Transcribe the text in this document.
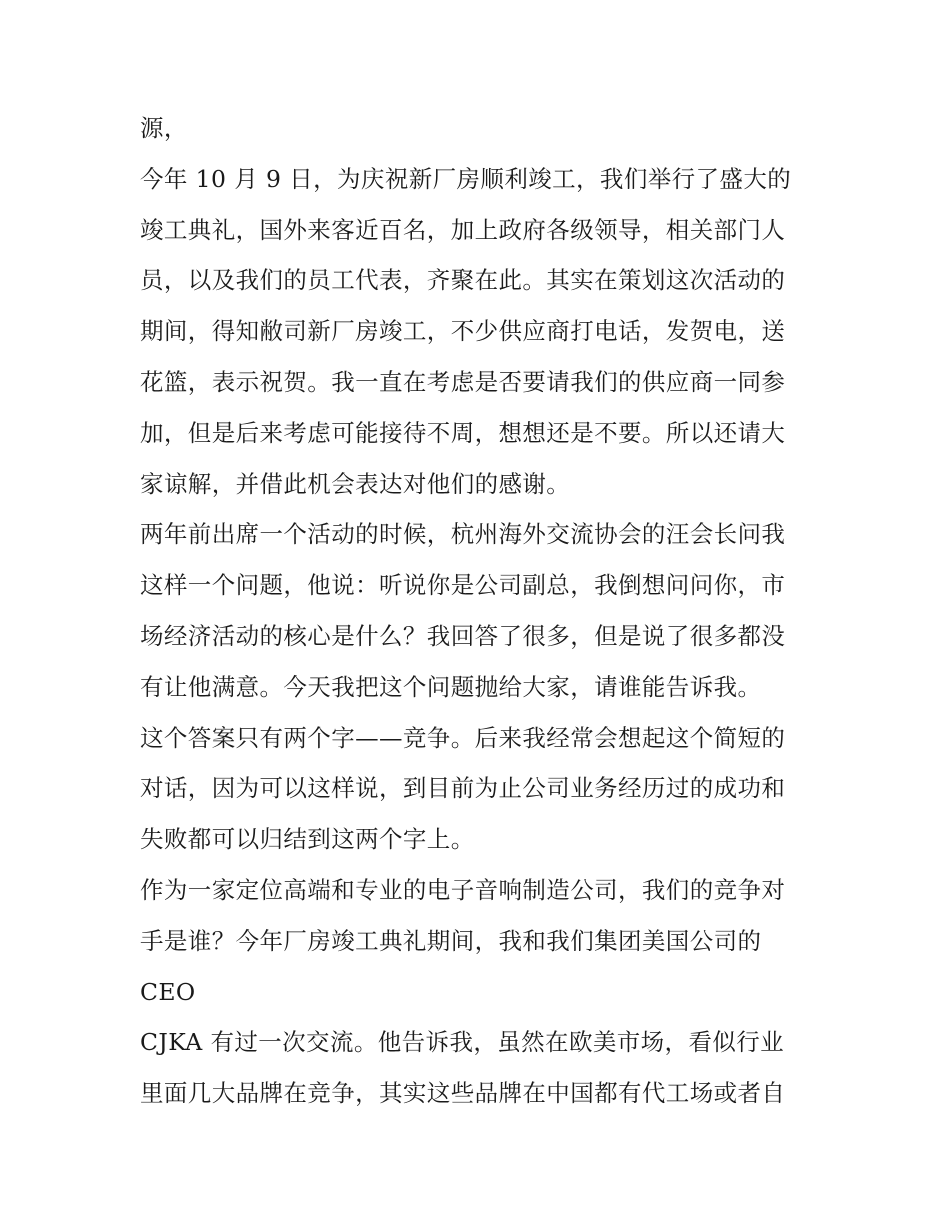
源，
今年 10 月 9 日，为庆祝新厂房顺利竣工，我们举行了盛大的
竣工典礼，国外来客近百名，加上政府各级领导，相关部门人
员，以及我们的员工代表，齐聚在此。其实在策划这次活动的
期间，得知敝司新厂房竣工，不少供应商打电话，发贺电，送
花篮，表示祝贺。我一直在考虑是否要请我们的供应商一同参
加，但是后来考虑可能接待不周，想想还是不要。所以还请大
家谅解，并借此机会表达对他们的感谢。
两年前出席一个活动的时候，杭州海外交流协会的汪会长问我
这样一个问题，他说：听说你是公司副总，我倒想问问你，市
场经济活动的核心是什么？我回答了很多，但是说了很多都没
有让他满意。今天我把这个问题抛给大家，请谁能告诉我。
这个答案只有两个字——竞争。后来我经常会想起这个简短的
对话，因为可以这样说，到目前为止公司业务经历过的成功和
失败都可以归结到这两个字上。
作为一家定位高端和专业的电子音响制造公司，我们的竞争对
手是谁？今年厂房竣工典礼期间，我和我们集团美国公司的
CEO
CJKA 有过一次交流。他告诉我，虽然在欧美市场，看似行业
里面几大品牌在竞争，其实这些品牌在中国都有代工场或者自
